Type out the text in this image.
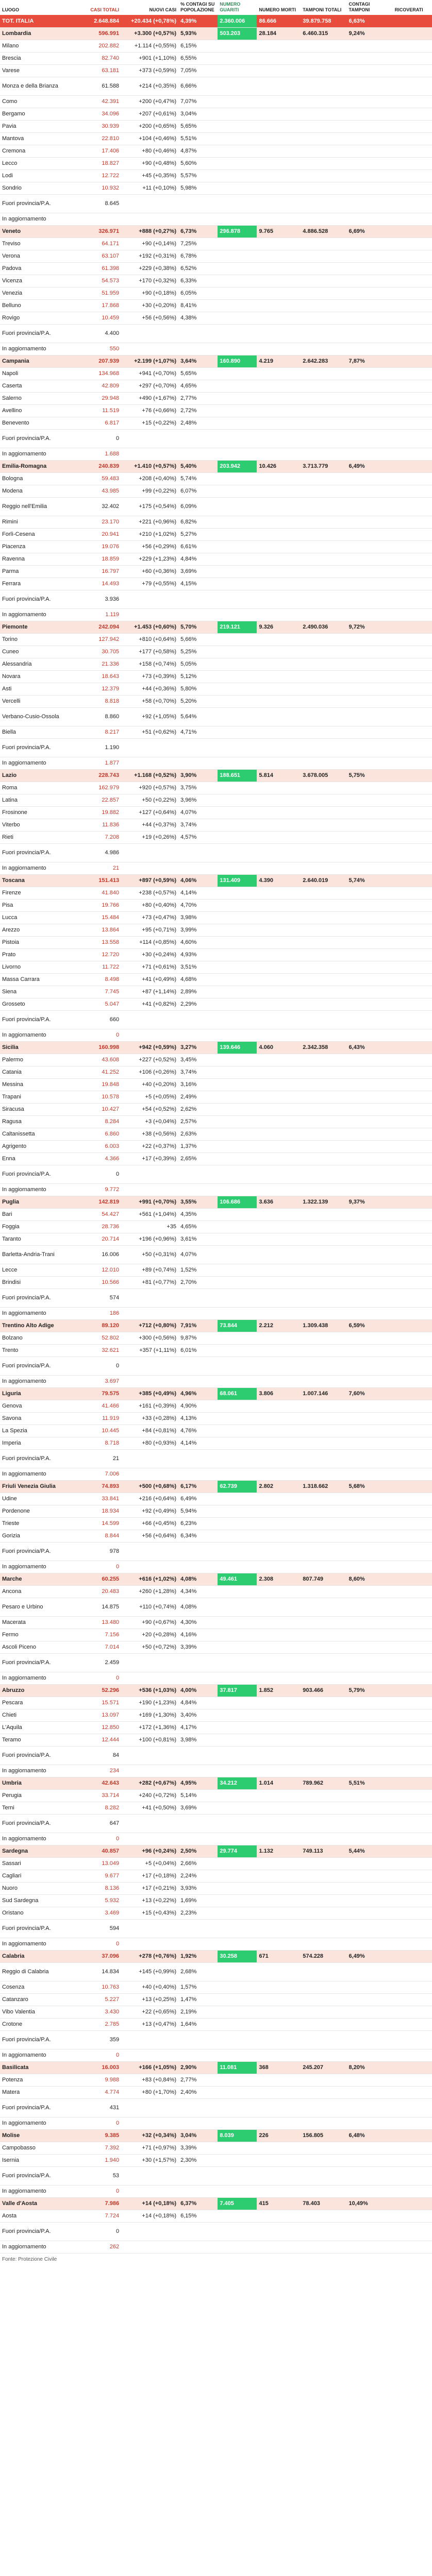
LUOGO	CASI TOTALI	NUOVI CASI	% CONTAGI SU POPOLAZIONE	NUMERO GUARITI	NUMERO MORTI	TAMPONI TOTALI	CONTAGI TAMPONI	RICOVERATI
TOT. ITALIA	2.648.884	+20.434 (+0,78%)	4,39%	2.360.006	86.666	39.879.758	6,63%	
Lombardia	596.991	+3.300 (+0,57%)	5,93%	503.203	28.184	6.460.315	9,24%	
Milano	202.882	+1.114 (+0,55%)	6,15%					
Brescia	82.740	+901 (+1,10%)	6,55%					
Varese	63.181	+373 (+0,59%)	7,05%					
Monza e della Brianza	61.588	+214 (+0,35%)	6,66%					
Como	42.391	+200 (+0,47%)	7,07%					
Bergamo	34.096	+207 (+0,61%)	3,04%					
Pavia	30.939	+200 (+0,65%)	5,65%					
Mantova	22.810	+104 (+0,46%)	5,51%					
Cremona	17.406	+80 (+0,46%)	4,87%					
Lecco	18.827	+90 (+0,48%)	5,60%					
Lodi	12.722	+45 (+0,35%)	5,57%					
Sondrio	10.932	+11 (+0,10%)	5,98%					
Fuori provincia/P.A.	8.645							
In aggiornamento								
Veneto	326.971	+888 (+0,27%)	6,73%	296.878	9.765	4.886.528	6,69%	
Treviso	64.171	+90 (+0,14%)	7,25%					
Verona	63.107	+192 (+0,31%)	6,78%					
Padova	61.398	+229 (+0,38%)	6,52%					
Vicenza	54.573	+170 (+0,32%)	6,33%					
Venezia	51.959	+90 (+0,18%)	6,05%					
Belluno	17.868	+30 (+0,20%)	8,41%					
Rovigo	10.459	+56 (+0,56%)	4,38%					
Fuori provincia/P.A.	4.400							
In aggiornamento	550							
Campania	207.939	+2.199 (+1,07%)	3,64%	160.890	4.219	2.642.283	7,87%	
Napoli	134.968	+941 (+0,70%)	5,65%					
Caserta	42.809	+297 (+0,70%)	4,65%					
Salerno	29.948	+490 (+1,67%)	2,77%					
Avellino	11.519	+76 (+0,66%)	2,72%					
Benevento	6.817	+15 (+0,22%)	2,48%					
Fuori provincia/P.A.	0							
In aggiornamento	1.688							
Emilia-Romagna	240.839	+1.410 (+0,57%)	5,40%	203.942	10.426	3.713.779	6,49%	
Bologna	59.483	+208 (+0,40%)	5,74%					
Modena	43.985	+99 (+0,22%)	6,07%					
Reggio nell'Emilia	32.402	+175 (+0,54%)	6,09%					
Rimini	23.170	+221 (+0,96%)	6,82%					
Forlì-Cesena	20.941	+210 (+1,02%)	5,27%					
Piacenza	19.076	+56 (+0,29%)	6,61%					
Ravenna	18.859	+229 (+1,23%)	4,84%					
Parma	16.797	+60 (+0,36%)	3,69%					
Ferrara	14.493	+79 (+0,55%)	4,15%					
Fuori provincia/P.A.	3.936							
In aggiornamento	1.119							
Piemonte	242.094	+1.453 (+0,60%)	5,70%	219.121	9.326	2.490.036	9,72%	
Torino	127.942	+810 (+0,64%)	5,66%					
Cuneo	30.705	+177 (+0,58%)	5,25%					
Alessandria	21.336	+158 (+0,74%)	5,05%					
Novara	18.643	+73 (+0,39%)	5,12%					
Asti	12.379	+44 (+0,36%)	5,80%					
Vercelli	8.818	+58 (+0,70%)	5,20%					
Verbano-Cusio-Ossola	8.860	+92 (+1,05%)	5,64%					
Biella	8.217	+51 (+0,62%)	4,71%					
Fuori provincia/P.A.	1.190							
In aggiornamento	1.877							
Lazio	228.743	+1.168 (+0,52%)	3,90%	188.651	5.814	3.678.005	5,75%	
Roma	162.979	+920 (+0,57%)	3,75%					
Latina	22.857	+50 (+0,22%)	3,96%					
Frosinone	19.882	+127 (+0,64%)	4,07%					
Viterbo	11.836	+44 (+0,37%)	3,74%					
Rieti	7.208	+19 (+0,26%)	4,57%					
Fuori provincia/P.A.	4.986							
In aggiornamento	21							
Toscana	151.413	+897 (+0,59%)	4,06%	131.409	4.390	2.640.019	5,74%	
Firenze	41.840	+238 (+0,57%)	4,14%					
Pisa	19.766	+80 (+0,40%)	4,70%					
Lucca	15.484	+73 (+0,47%)	3,98%					
Arezzo	13.864	+95 (+0,71%)	3,99%					
Pistoia	13.558	+114 (+0,85%)	4,60%					
Prato	12.720	+30 (+0,24%)	4,93%					
Livorno	11.722	+71 (+0,61%)	3,51%					
Massa Carrara	8.498	+41 (+0,49%)	4,68%					
Siena	7.745	+87 (+1,14%)	2,89%					
Grosseto	5.047	+41 (+0,82%)	2,29%					
Fuori provincia/P.A.	660							
In aggiornamento	0							
Sicilia	160.998	+942 (+0,59%)	3,27%	139.646	4.060	2.342.358	6,43%	
Palermo	43.608	+227 (+0,52%)	3,45%					
Catania	41.252	+106 (+0,26%)	3,74%					
Messina	19.848	+40 (+0,20%)	3,16%					
Trapani	10.578	+5 (+0,05%)	2,49%					
Siracusa	10.427	+54 (+0,52%)	2,62%					
Ragusa	8.284	+3 (+0,04%)	2,57%					
Caltanissetta	6.860	+38 (+0,56%)	2,63%					
Agrigento	6.003	+22 (+0,37%)	1,37%					
Enna	4.366	+17 (+0,39%)	2,65%					
Fuori provincia/P.A.	0							
In aggiornamento	9.772							
Puglia	142.819	+991 (+0,70%)	3,55%	106.686	3.636	1.322.139	9,37%	
Bari	54.427	+561 (+1,04%)	4,35%					
Foggia	28.736	+35	4,65%					
Taranto	20.714	+196 (+0,96%)	3,61%					
Barletta-Andria-Trani	16.006	+50 (+0,31%)	4,07%					
Lecce	12.010	+89 (+0,74%)	1,52%					
Brindisi	10.566	+81 (+0,77%)	2,70%					
Fuori provincia/P.A.	574							
In aggiornamento	186							
Trentino Alto Adige	89.120	+712 (+0,80%)	7,91%	73.844	2.212	1.309.438	6,59%	
Bolzano	52.802	+300 (+0,56%)	9,87%					
Trento	32.621	+357 (+1,11%)	6,01%					
Fuori provincia/P.A.	0							
In aggiornamento	3.697							
Liguria	79.575	+385 (+0,49%)	4,96%	68.061	3.806	1.007.146	7,60%	
Genova	41.466	+161 (+0,39%)	4,90%					
Savona	11.919	+33 (+0,28%)	4,13%					
La Spezia	10.445	+84 (+0,81%)	4,76%					
Imperia	8.718	+80 (+0,93%)	4,14%					
Fuori provincia/P.A.	21							
In aggiornamento	7.006							
Friuli Venezia Giulia	74.893	+500 (+0,68%)	6,17%	62.739	2.802	1.318.662	5,68%	
Udine	33.841	+216 (+0,64%)	6,49%					
Pordenone	18.934	+92 (+0,49%)	5,94%					
Trieste	14.599	+66 (+0,45%)	6,23%					
Gorizia	8.844	+56 (+0,64%)	6,34%					
Fuori provincia/P.A.	978							
In aggiornamento	0							
Marche	60.255	+616 (+1,02%)	4,08%	49.461	2.308	807.749	8,60%	
Ancona	20.483	+260 (+1,28%)	4,34%					
Pesaro e Urbino	14.875	+110 (+0,74%)	4,08%					
Macerata	13.480	+90 (+0,67%)	4,30%					
Fermo	7.156	+20 (+0,28%)	4,16%					
Ascoli Piceno	7.014	+50 (+0,72%)	3,39%					
Fuori provincia/P.A.	2.459							
In aggiornamento	0							
Abruzzo	52.296	+536 (+1,03%)	4,00%	37.817	1.852	903.466	5,79%	
Pescara	15.571	+190 (+1,23%)	4,84%					
Chieti	13.097	+169 (+1,30%)	3,40%					
L'Aquila	12.850	+172 (+1,36%)	4,17%					
Teramo	12.444	+100 (+0,81%)	3,98%					
Fuori provincia/P.A.	84							
In aggiornamento	234							
Umbria	42.643	+282 (+0,67%)	4,95%	34.212	1.014	789.962	5,51%	
Perugia	33.714	+240 (+0,72%)	5,14%					
Terni	8.282	+41 (+0,50%)	3,69%					
Fuori provincia/P.A.	647							
In aggiornamento	0							
Sardegna	40.857	+96 (+0,24%)	2,50%	29.774	1.132	749.113	5,44%	
Sassari	13.049	+5 (+0,04%)	2,66%					
Cagliari	9.677	+17 (+0,18%)	2,24%					
Nuoro	8.136	+17 (+0,21%)	3,93%					
Sud Sardegna	5.932	+13 (+0,22%)	1,69%					
Oristano	3.469	+15 (+0,43%)	2,23%					
Fuori provincia/P.A.	594							
In aggiornamento	0							
Calabria	37.096	+278 (+0,76%)	1,92%	30.258	671	574.228	6,49%	
Reggio di Calabria	14.834	+145 (+0,99%)	2,68%					
Cosenza	10.763	+40 (+0,40%)	1,57%					
Catanzaro	5.227	+13 (+0,25%)	1,47%					
Vibo Valentia	3.430	+22 (+0,65%)	2,19%					
Crotone	2.785	+13 (+0,47%)	1,64%					
Fuori provincia/P.A.	359							
In aggiornamento	0							
Basilicata	16.003	+166 (+1,05%)	2,90%	11.081	368	245.207	8,20%	
Potenza	9.988	+83 (+0,84%)	2,77%					
Matera	4.774	+80 (+1,70%)	2,40%					
Fuori provincia/P.A.	431							
In aggiornamento	0							
Molise	9.385	+32 (+0,34%)	3,04%	8.039	226	156.805	6,48%	
Campobasso	7.392	+71 (+0,97%)	3,39%					
Isernia	1.940	+30 (+1,57%)	2,30%					
Fuori provincia/P.A.	53							
In aggiornamento	0							
Valle d'Aosta	7.986	+14 (+0,18%)	6,37%	7.405	415	78.403	10,49%	
Aosta	7.724	+14 (+0,18%)	6,15%					
Fuori provincia/P.A.	0							
In aggiornamento	262							
Fonte: Protezione Civile
